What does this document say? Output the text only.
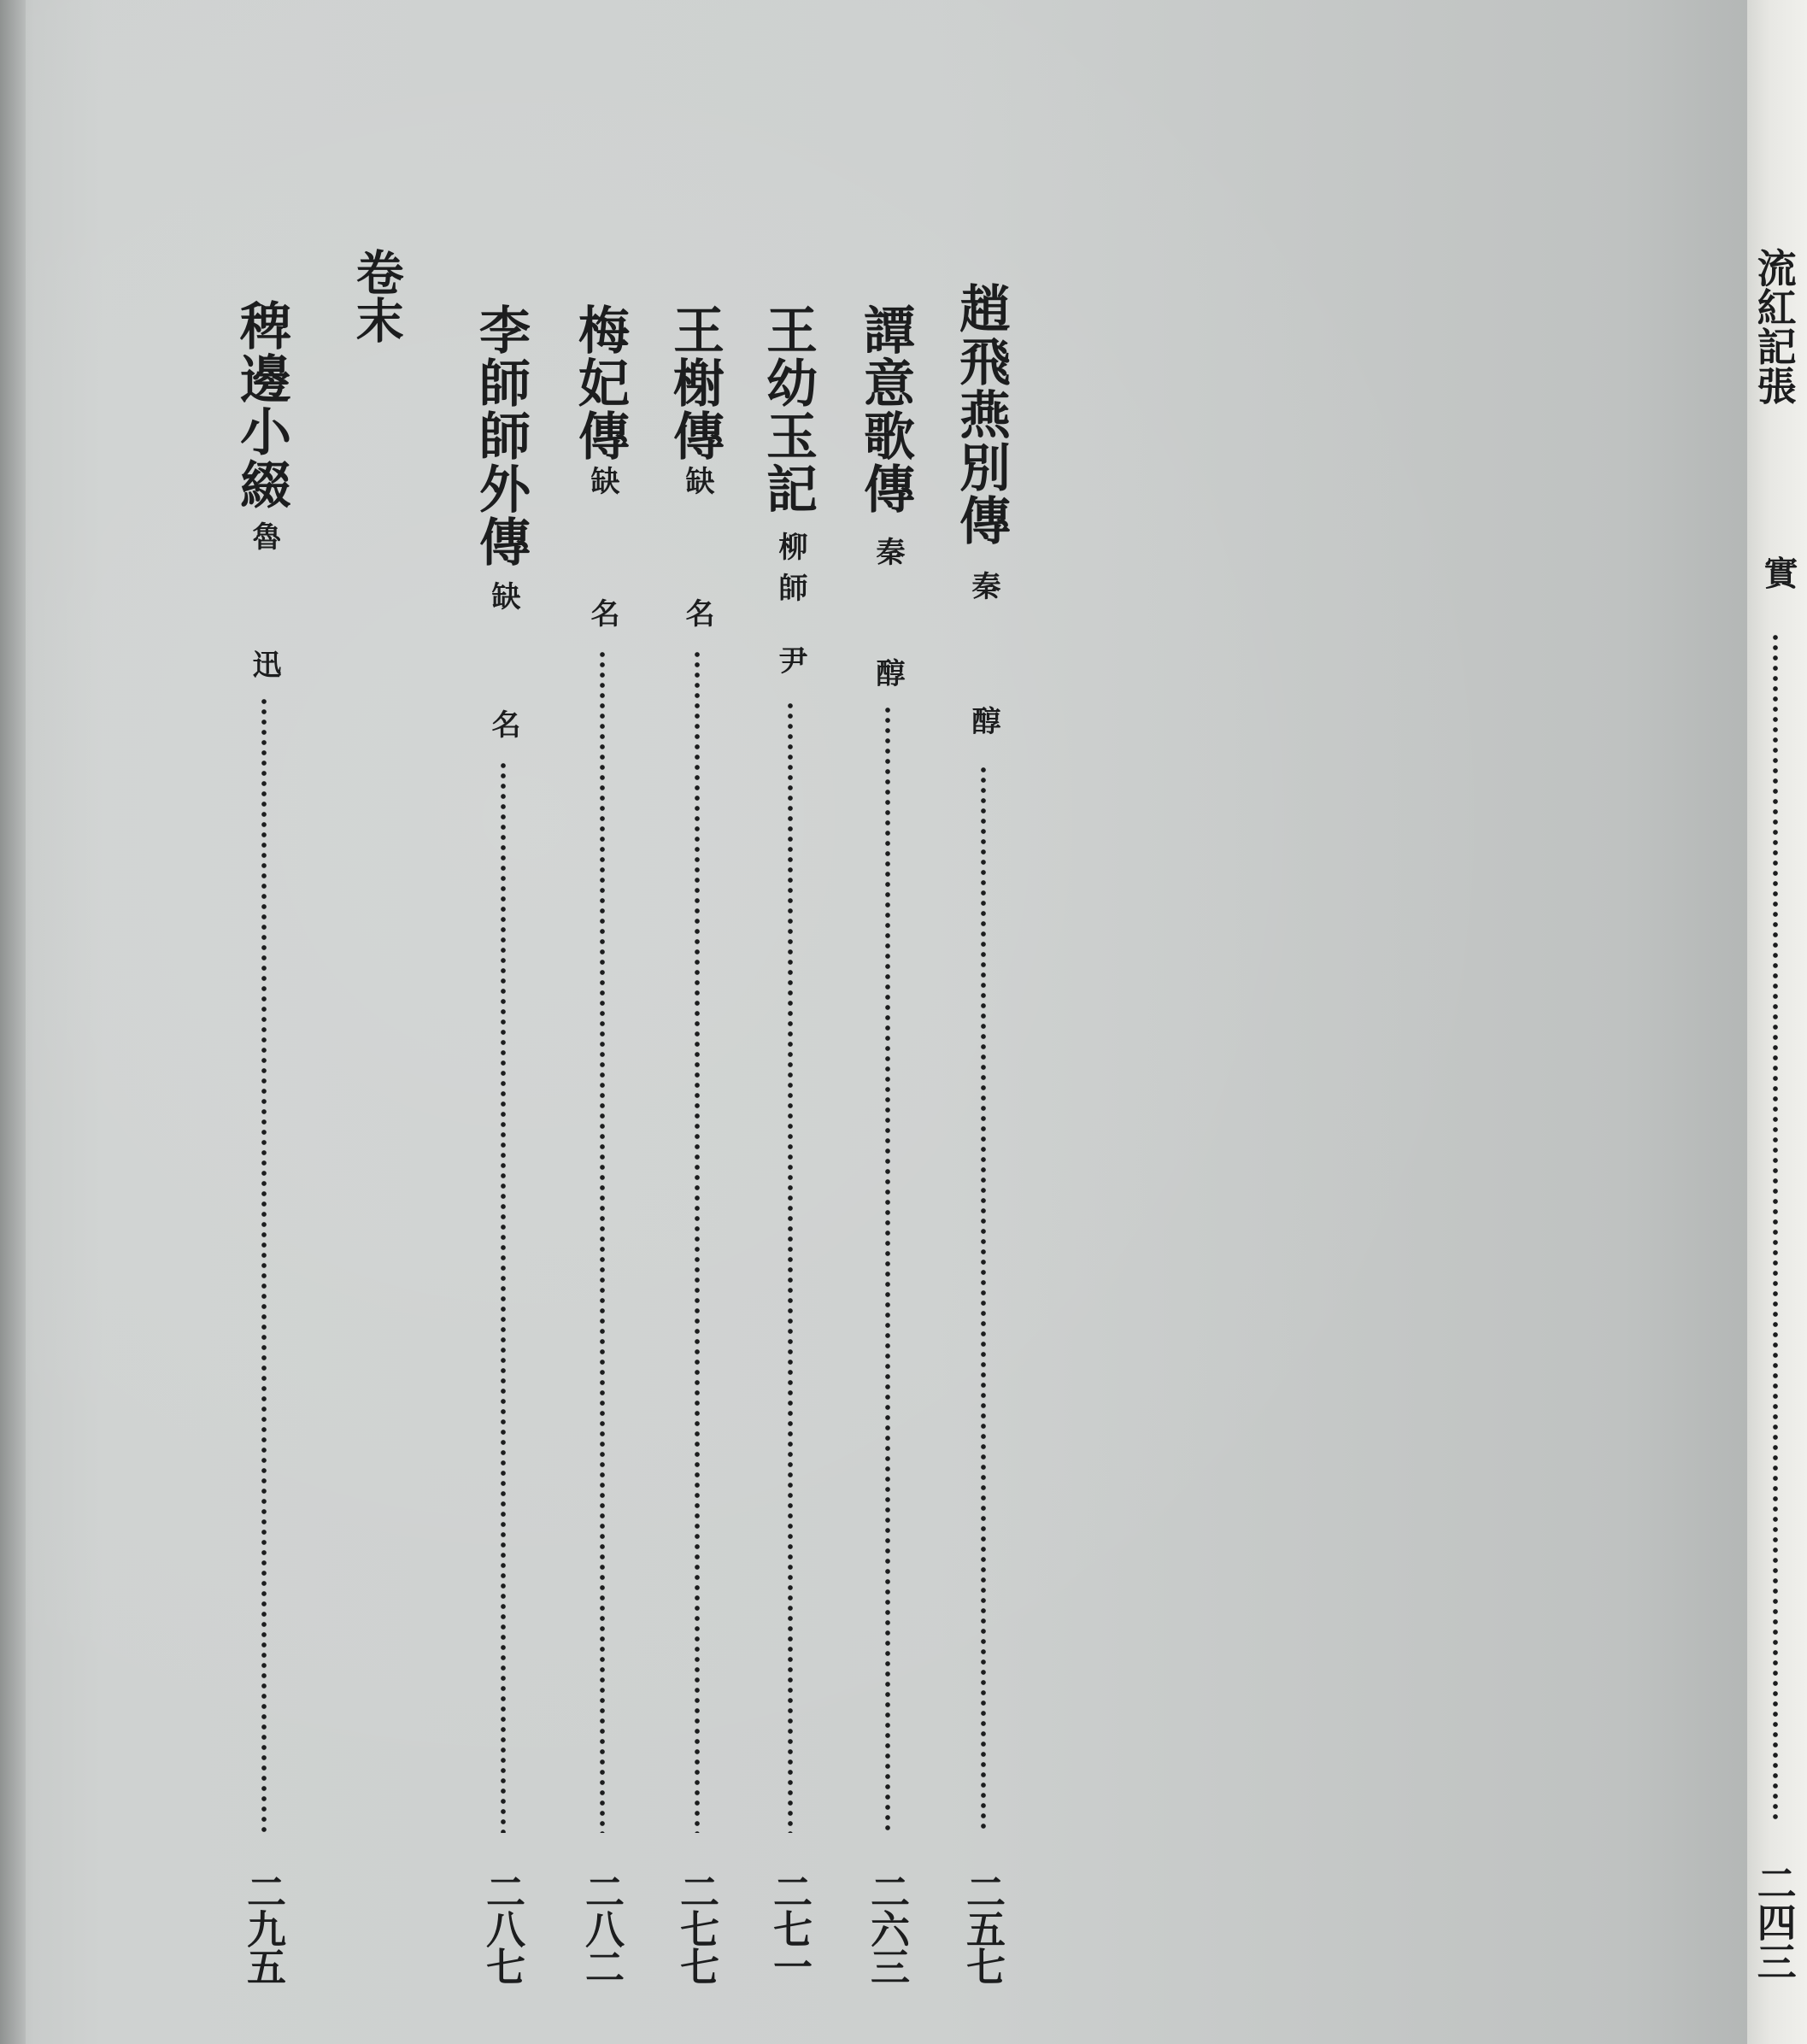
趙飛燕別傳
秦
醇
二五七
譚意歌傳
秦
醇
二六三
王幼玉記
柳
師
尹
二七一
王榭傳
缺
名
二七七
梅妃傳
缺
名
二八二
李師師外傳
缺
名
二八七
卷末
稗邊小綴
魯
迅
二九五
流紅記張
實
二四三
